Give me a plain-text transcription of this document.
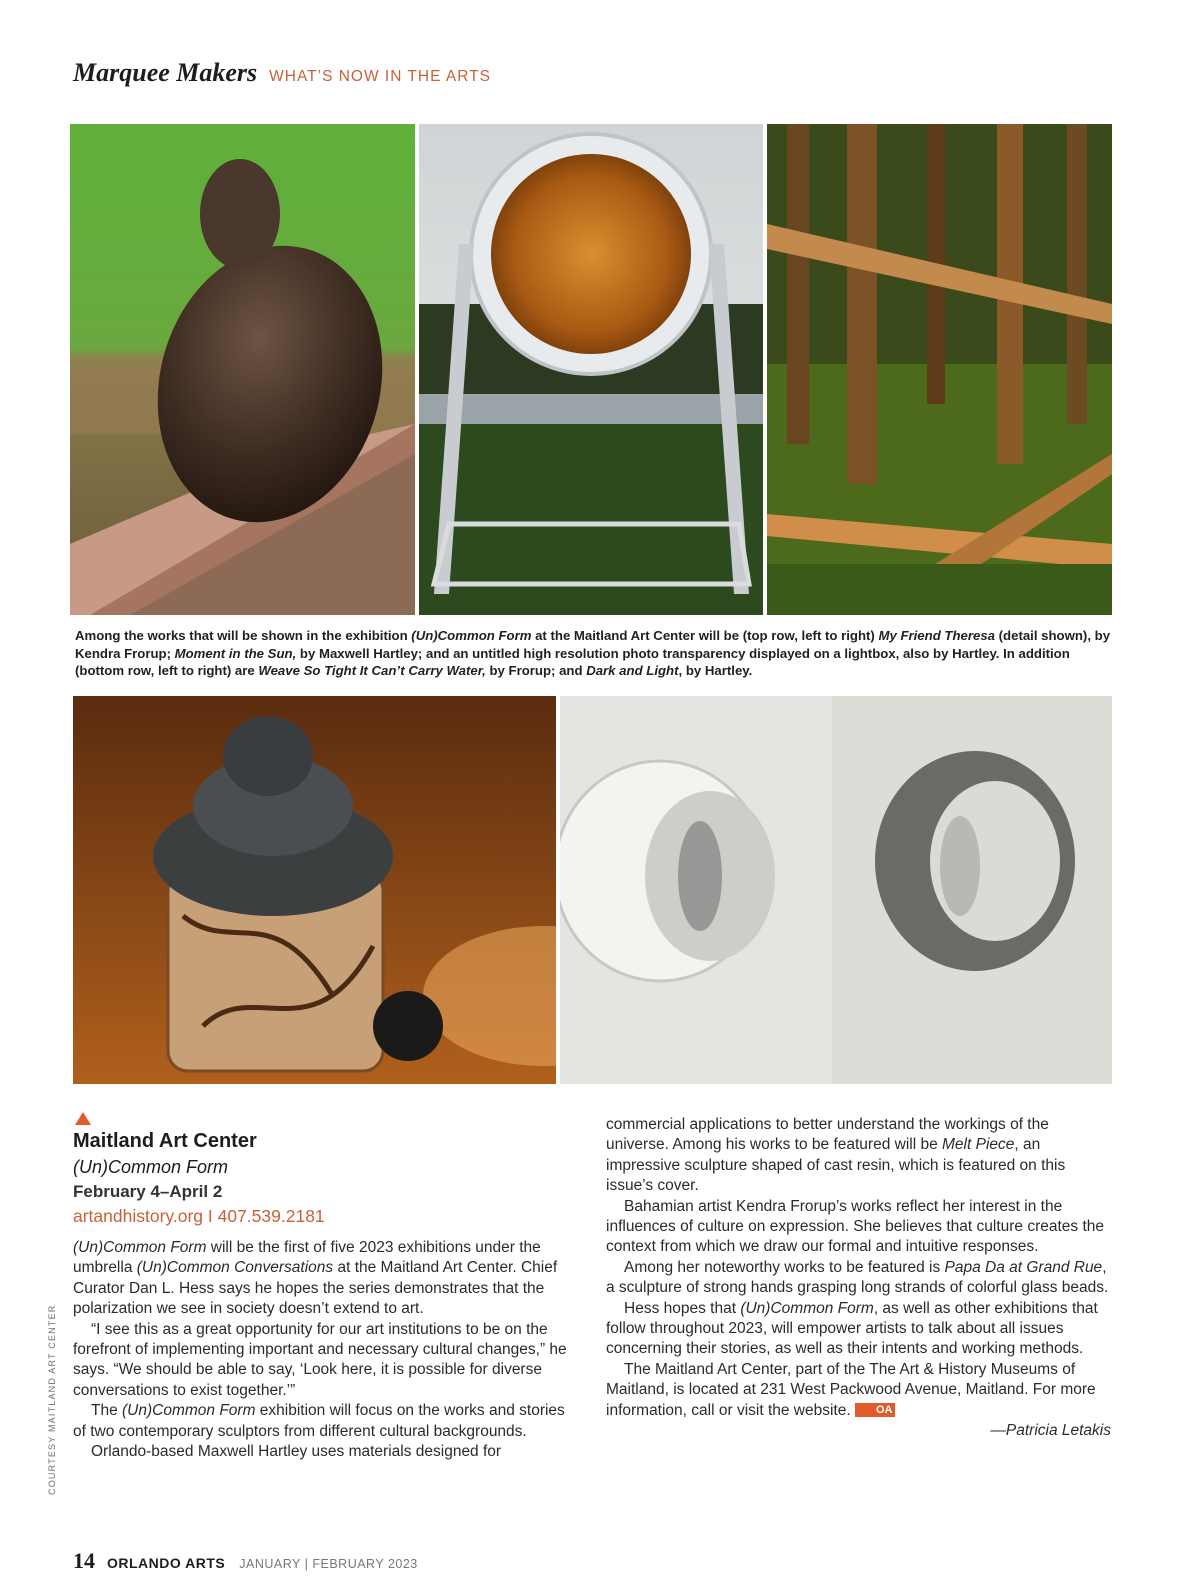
Marquee Makers WHAT’S NOW IN THE ARTS
Among the works that will be shown in the exhibition (Un)Common Form at the Maitland Art Center will be (top row, left to right) My Friend Theresa (detail shown), by Kendra Frorup; Moment in the Sun, by Maxwell Hartley; and an untitled high resolution photo transparency displayed on a lightbox, also by Hartley. In addition (bottom row, left to right) are Weave So Tight It Can’t Carry Water, by Frorup; and Dark and Light, by Hartley.
Maitland Art Center
(Un)Common Form
February 4–April 2
artandhistory.org I 407.539.2181

(Un)Common Form will be the first of five 2023 exhibitions under the umbrella (Un)Common Conversations at the Maitland Art Center. Chief Curator Dan L. Hess says he hopes the series demonstrates that the polarization we see in society doesn’t extend to art.

“I see this as a great opportunity for our art institutions to be on the forefront of implementing important and necessary cultural changes,” he says. “We should be able to say, ‘Look here, it is possible for diverse conversations to exist together.’”

The (Un)Common Form exhibition will focus on the works and stories of two contemporary sculptors from different cultural backgrounds.

Orlando-based Maxwell Hartley uses materials designed for

commercial applications to better understand the workings of the universe. Among his works to be featured will be Melt Piece, an impressive sculpture shaped of cast resin, which is featured on this issue’s cover.

Bahamian artist Kendra Frorup’s works reflect her interest in the influences of culture on expression. She believes that culture creates the context from which we draw our formal and intuitive responses.

Among her noteworthy works to be featured is Papa Da at Grand Rue, a sculpture of strong hands grasping long strands of colorful glass beads.

Hess hopes that (Un)Common Form, as well as other exhibitions that follow throughout 2023, will empower artists to talk about all issues concerning their stories, as well as their intents and working methods.

The Maitland Art Center, part of the The Art & History Museums of Maitland, is located at 231 West Packwood Avenue, Maitland. For more information, call or visit the website. OA

—Patricia Letakis

COURTESY MAITLAND ART CENTER
14 ORLANDO ARTS JANUARY | FEBRUARY 2023
